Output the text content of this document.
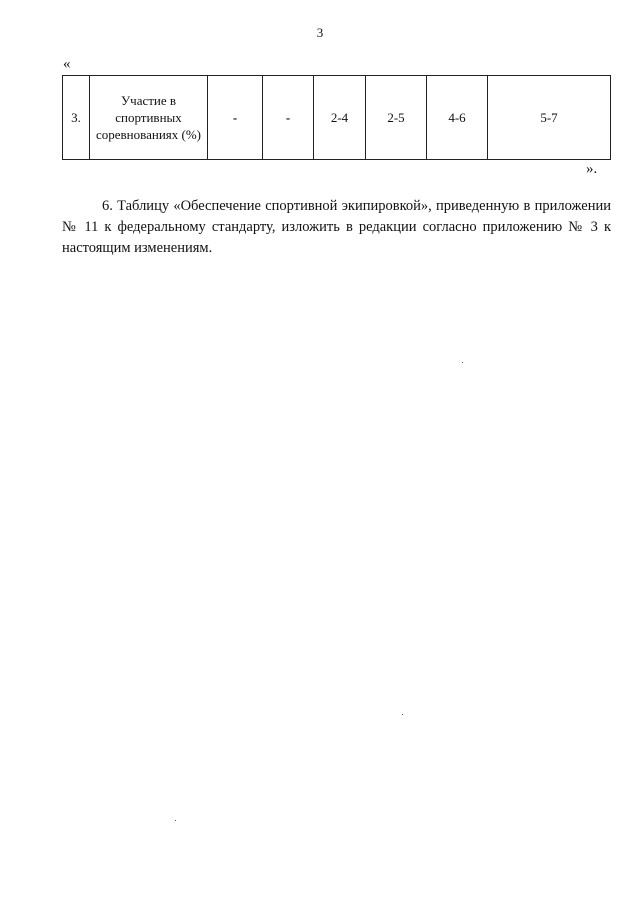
3
«
3.	Участие в спортивных соревнованиях (%)	-	-	2-4	2-5	4-6	5-7
».

6. Таблицу «Обеспечение спортивной экипировкой», приведенную в приложении № 11 к федеральному стандарту, изложить в редакции согласно приложению № 3 к настоящим изменениям.
